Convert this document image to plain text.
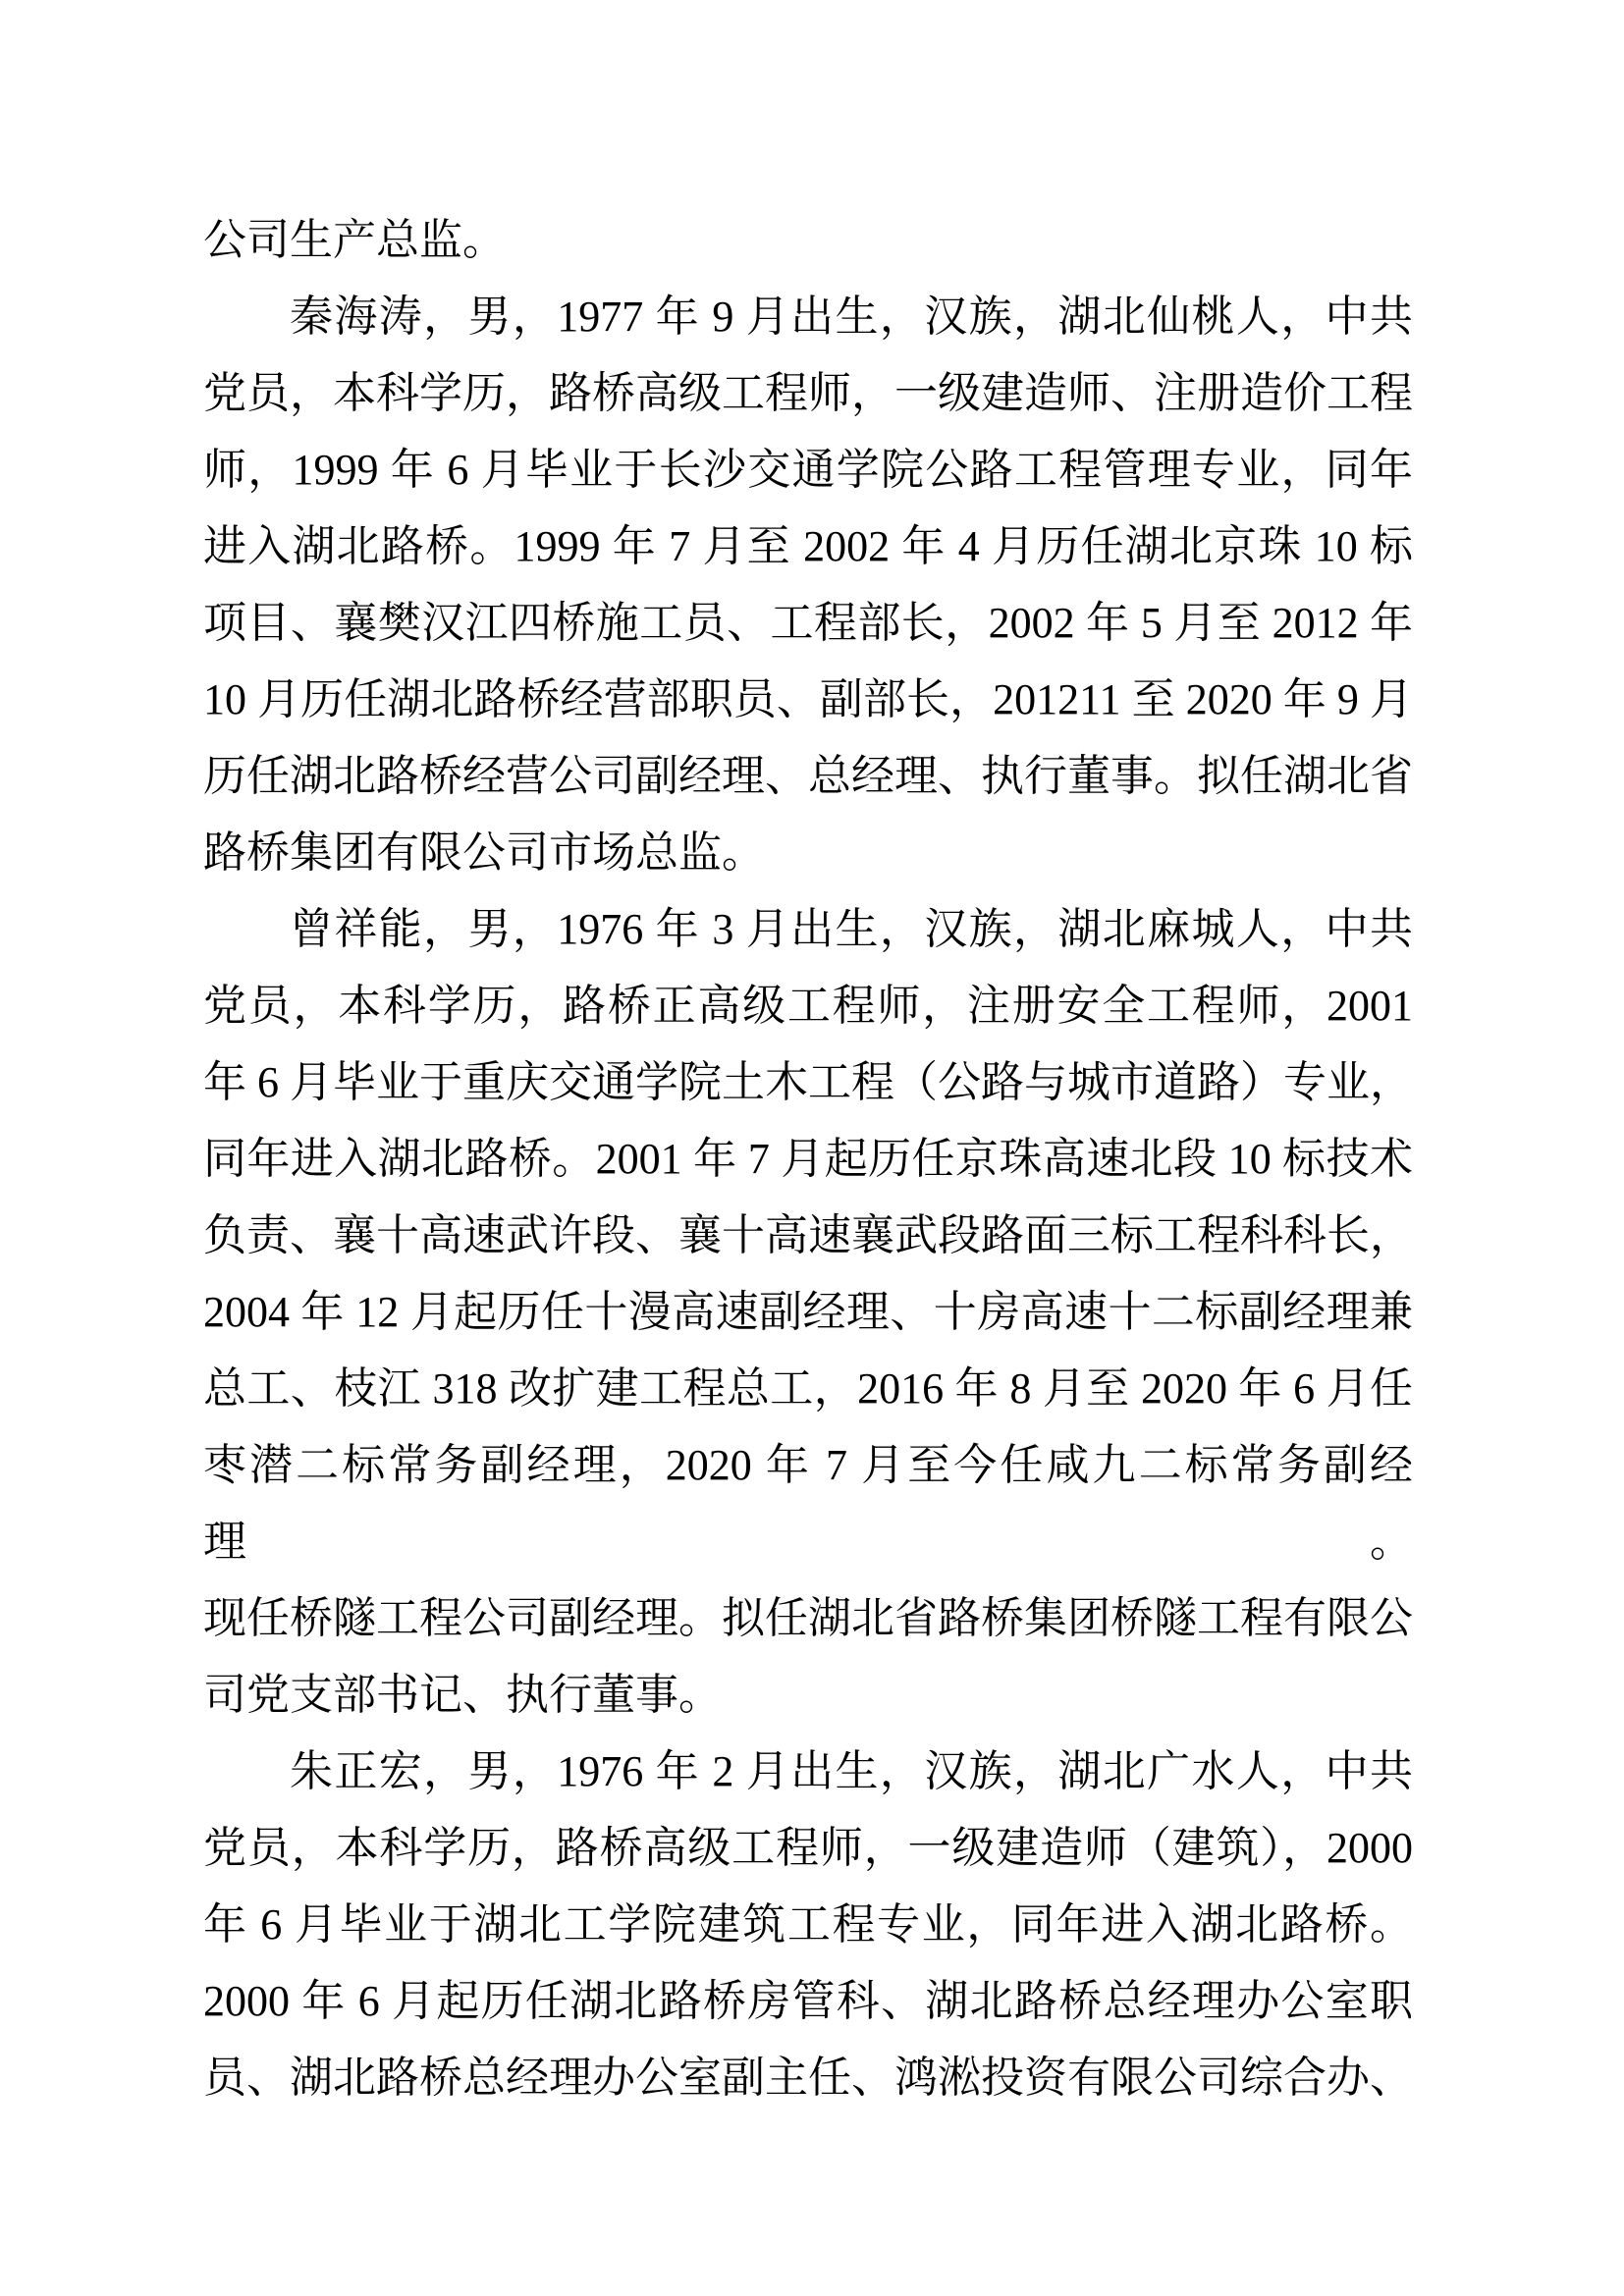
公司生产总监。
秦海涛，男，1977 年 9 月出生，汉族，湖北仙桃人，中共
党员，本科学历，路桥高级工程师，一级建造师、注册造价工程
师，1999 年 6 月毕业于长沙交通学院公路工程管理专业，同年
进入湖北路桥。1999 年 7 月至 2002 年 4 月历任湖北京珠 10 标
项目、襄樊汉江四桥施工员、工程部长，2002 年 5 月至 2012 年
10 月历任湖北路桥经营部职员、副部长，201211 至 2020 年 9 月
历任湖北路桥经营公司副经理、总经理、执行董事。拟任湖北省
路桥集团有限公司市场总监。
曾祥能，男，1976 年 3 月出生，汉族，湖北麻城人，中共
党员，本科学历，路桥正高级工程师，注册安全工程师，2001
年 6 月毕业于重庆交通学院土木工程（公路与城市道路）专业，
同年进入湖北路桥。2001 年 7 月起历任京珠高速北段 10 标技术
负责、襄十高速武许段、襄十高速襄武段路面三标工程科科长，
2004 年 12 月起历任十漫高速副经理、十房高速十二标副经理兼
总工、枝江 318 改扩建工程总工，2016 年 8 月至 2020 年 6 月任
枣潜二标常务副经理，2020 年 7 月至今任咸九二标常务副经理。
现任桥隧工程公司副经理。拟任湖北省路桥集团桥隧工程有限公
司党支部书记、执行董事。
朱正宏，男，1976 年 2 月出生，汉族，湖北广水人，中共
党员，本科学历，路桥高级工程师，一级建造师（建筑），2000
年 6 月毕业于湖北工学院建筑工程专业，同年进入湖北路桥。
2000 年 6 月起历任湖北路桥房管科、湖北路桥总经理办公室职
员、湖北路桥总经理办公室副主任、鸿淞投资有限公司综合办、
